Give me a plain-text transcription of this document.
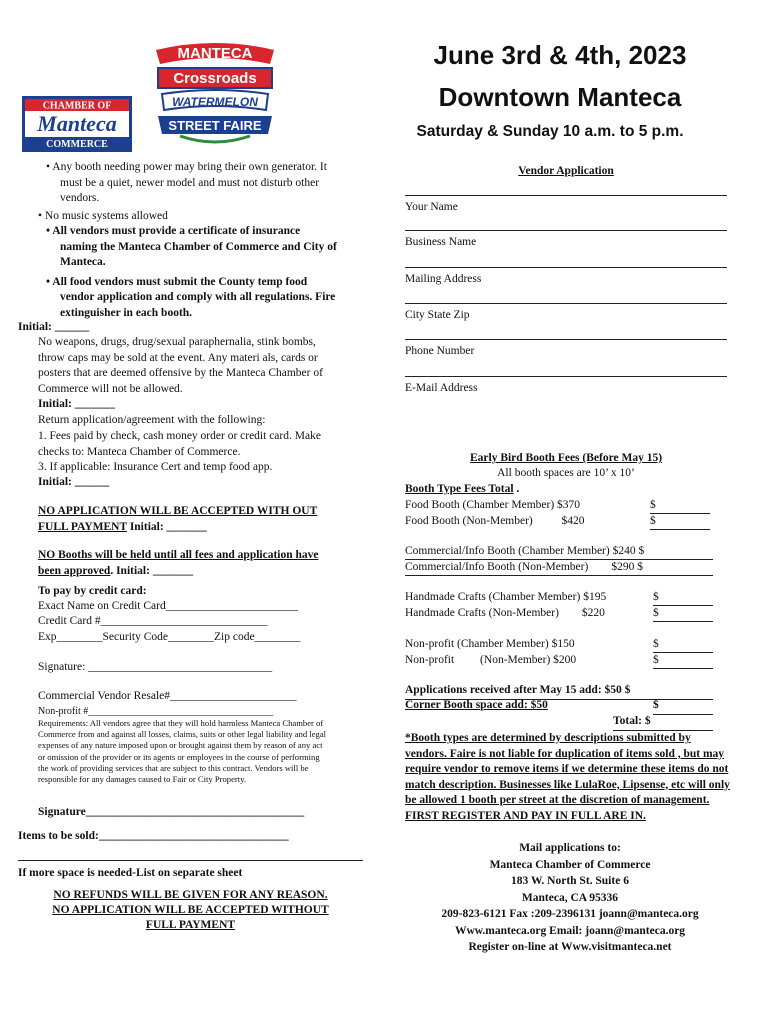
CHAMBER OF
Manteca
COMMERCE
MANTECA
Crossroads
WATERMELON
STREET FAIRE
June 3rd & 4th, 2023
Downtown Manteca
Saturday & Sunday 10 a.m. to 5 p.m.
• Any booth needing power may bring their own generator. It must be a quiet, newer model and must not disturb other vendors.
• No music systems allowed
• All vendors must provide a certificate of insurance naming the Manteca Chamber of Commerce and City of Manteca.
• All food vendors must submit the County temp food vendor application and comply with all regulations. Fire extinguisher in each booth.
Initial: ______
No weapons, drugs, drug/sexual paraphernalia, stink bombs, throw caps may be sold at the event. Any materi als, cards or posters that are deemed offensive by the Manteca Chamber of Commerce will not be allowed.
Initial: _______
Return application/agreement with the following:
1. Fees paid by check, cash money order or credit card. Make checks to: Manteca Chamber of Commerce.
3. If applicable: Insurance Cert and temp food app.
Initial: ______
NO APPLICATION WILL BE ACCEPTED WITH OUT FULL PAYMENT Initial: _______
NO Booths will be held until all fees and application have been approved. Initial: _______
To pay by credit card:
Exact Name on Credit Card_______________________
Credit Card #_____________________________
Exp________Security Code________Zip code________
Signature: ________________________________
Commercial Vendor Resale#______________________
Non-profit #_____________________________________
Requirements: All vendors agree that they will hold harmless Manteca Chamber of Commerce from and against all losses, claims, suits or other legal liability and legal expenses of any nature imposed upon or brought against them by reason of any act or omission of the provider or its agents or employees in the course of performing the work of providing services that are subject to this contract. Vendors will be responsible for any damages caused to Fair or City Property.
Signature______________________________________
Items to be sold:_________________________________
If more space is needed-List on separate sheet
NO REFUNDS WILL BE GIVEN FOR ANY REASON.
NO APPLICATION WILL BE ACCEPTED WITHOUT
FULL PAYMENT
Vendor Application
Your Name
Business Name
Mailing Address
City State Zip
Phone Number
E-Mail Address
Early Bird Booth Fees (Before May 15)
All booth spaces are 10’ x 10’
Booth Type Fees Total .
Food Booth (Chamber Member) $370	$
Food Booth (Non-Member)          $420	$
Commercial/Info Booth (Chamber Member) $240 $
Commercial/Info Booth (Non-Member)        $290 $
Handmade Crafts (Chamber Member) $195	$
Handmade Crafts (Non-Member)        $220	$
Non-profit (Chamber Member) $150	$
Non-profit         (Non-Member) $200	$
Applications received after May 15 add: $50 $
Corner Booth space add: $50	$
Total: $
*Booth types are determined by descriptions submitted by vendors. Faire is not liable for duplication of items sold , but may require vendor to remove items if we determine these items do not match description. Businesses like LulaRoe, Lipsense, etc will only be allowed 1 booth per street at the discretion of management. FIRST REGISTER AND PAY IN FULL ARE IN.
Mail applications to:
Manteca Chamber of Commerce
183 W. North St. Suite 6
Manteca, CA 95336
209-823-6121 Fax :209-2396131 joann@manteca.org
Www.manteca.org Email: joann@manteca.org
Register on-line at Www.visitmanteca.net
